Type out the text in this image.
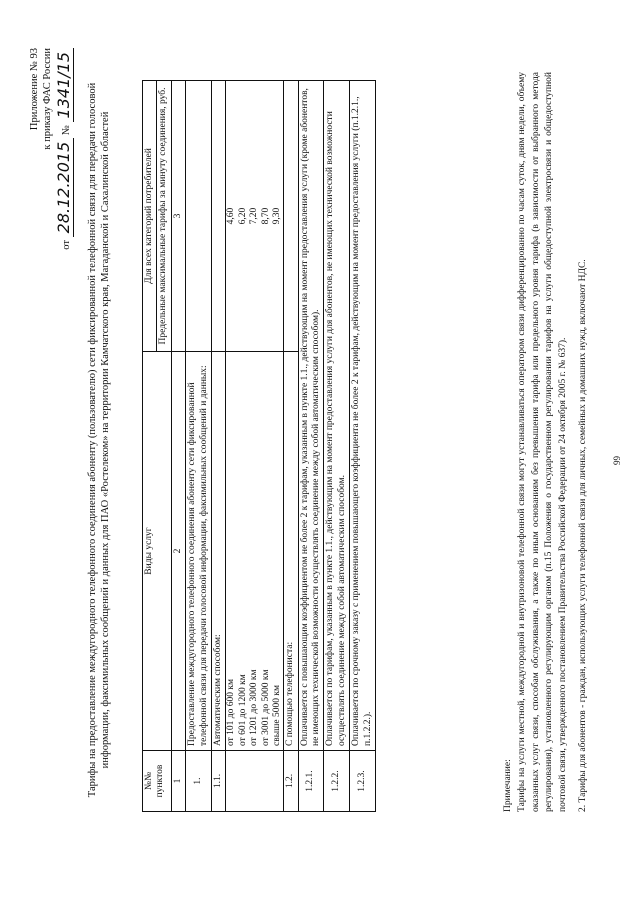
Приложение № 93 к приказу ФАС России
от 28.12.2015 № 1341/15 Тарифы на предоставление междугородного телефонного соединения абоненту (пользователю) сети фиксированной телефонной связи для передачи голосовой информации, факсимильных сообщений и данных для ПАО «Ростелеком» на территории Камчатского края, Магаданской и Сахалинской областей
№№ пунктов	Виды услуг	Для всех категорий потребителей
		Предельные максимальные тарифы за минуту соединения, руб.
1	2	3
1.	Предоставление междугородного телефонного соединения абоненту сети фиксированной телефонной связи для передачи голосовой информации, факсимильных сообщений и данных:	
1.1.	Автоматическим способом:	
	от 101 до 600 км	4,60
	от 601 до 1200 км	6,20
	от 1201 до 3000 км	7,20
	от 3001 до 5000 км	8,70
	свыше 5000 км	9,30
1.2.	С помощью телефониста:	
1.2.1.	Оплачивается с повышающим коэффициентом не более 2 к тарифам, указанным в пункте 1.1., действующим на момент предоставления услуги (кроме абонентов, не имеющих технической возможности осуществлять соединение между собой автоматическим способом).	
1.2.2.	Оплачивается по тарифам, указанным в пункте 1.1., действующим на момент предоставления услуги для абонентов, не имеющих технической возможности осуществлять соединение между собой автоматическим способом.	
1.2.3.	Оплачивается по срочному заказу с применением повышающего коэффициента не более 2 к тарифам, действующим на момент предоставления услуги (п.1.2.1., п.1.2.2.).	

Примечание: Тарифы на услуги местной, междугородной и внутризоновой телефонной связи могут устанавливаться оператором связи дифференцированно по часам суток, дням недели, объему оказанных услуг связи, способам обслуживания, а также по иным основаниям без превышения тарифа или предельного уровня тарифа (в зависимости от выбранного метода регулирования), установленного регулирующим органом (п.15 Положения о государственном регулировании тарифов на услуги общедоступной электросвязи и общедоступной почтовой связи, утвержденного постановлением Правительства Российской Федерации от 24 октября 2005 г. № 637). 2. Тарифы для абонентов - граждан, использующих услуги телефонной связи для личных, семейных и домашних нужд, включают НДС.	99
